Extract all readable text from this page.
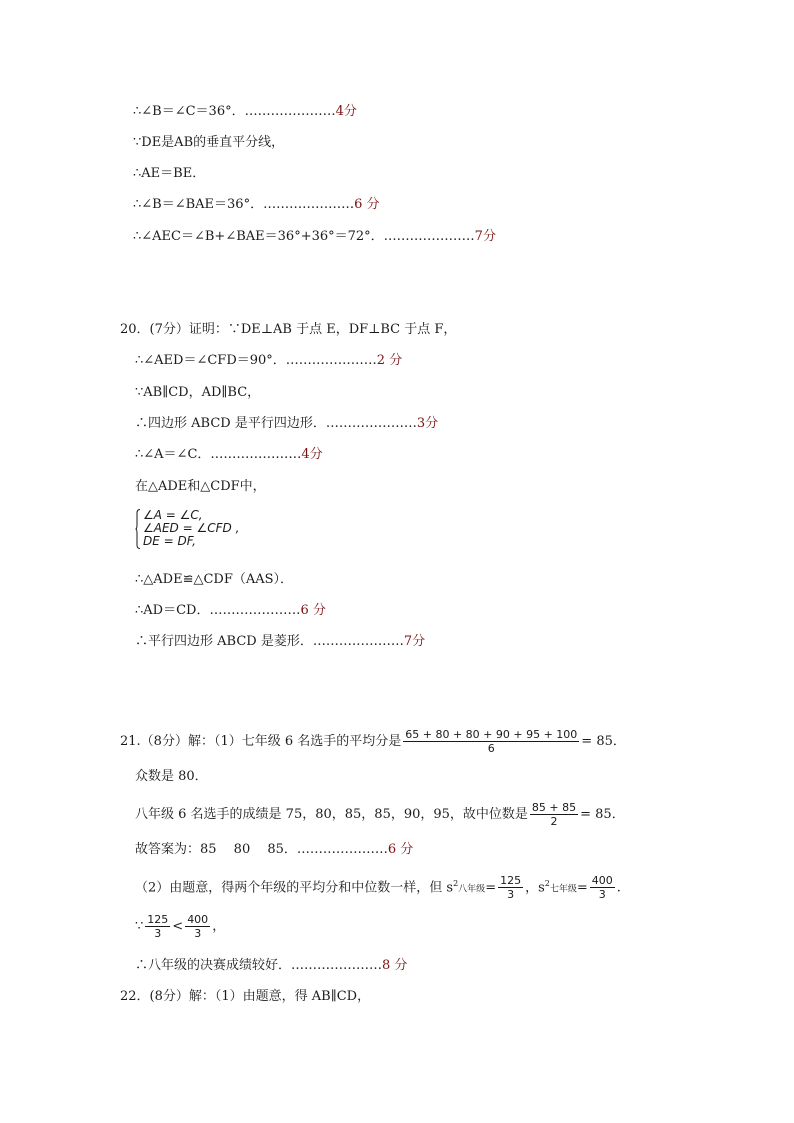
∴∠B＝∠C＝36°．…………………4分
∵DE是AB的垂直平分线，
∴AE＝BE．
∴∠B＝∠BAE＝36°．…………………6 分
∴∠AEC＝∠B+∠BAE＝36°+36°＝72°．…………………7分
20．(7分）证明：∵DE⊥AB 于点 E，DF⊥BC 于点 F，
∴∠AED＝∠CFD＝90°．…………………2 分
∵AB∥CD，AD∥BC，
∴四边形 ABCD 是平行四边形．…………………3分
∴∠A＝∠C．…………………4分
在△ADE和△CDF中，
∠A = ∠C,
∠AED = ∠CFD ,
DE = DF,
∴△ADE≌△CDF（AAS）．
∴AD＝CD．…………………6 分
∴平行四边形 ABCD 是菱形．…………………7分
21.（8分）解：（1）七年级 6 名选手的平均分是 $\frac{65 + 80 + 80 + 90 + 95 + 100}{6} = 85$．
众数是 80．
八年级 6 名选手的成绩是 75，80，85，85，90，95，故中位数是 $\frac{85 + 85}{2} = 85$．
故答案为：85　 80　 85．…………………6 分
（2）由题意，得两个年级的平均分和中位数一样，但 $s^2$八年级= $\frac{125}{3}$ ，$s^2$七年级= $\frac{400}{3}$ .
∵ $\frac{125}{3} < \frac{400}{3}$ ，
∴八年级的决赛成绩较好．…………………8 分
22．(8分）解：（1）由题意，得 AB∥CD，
